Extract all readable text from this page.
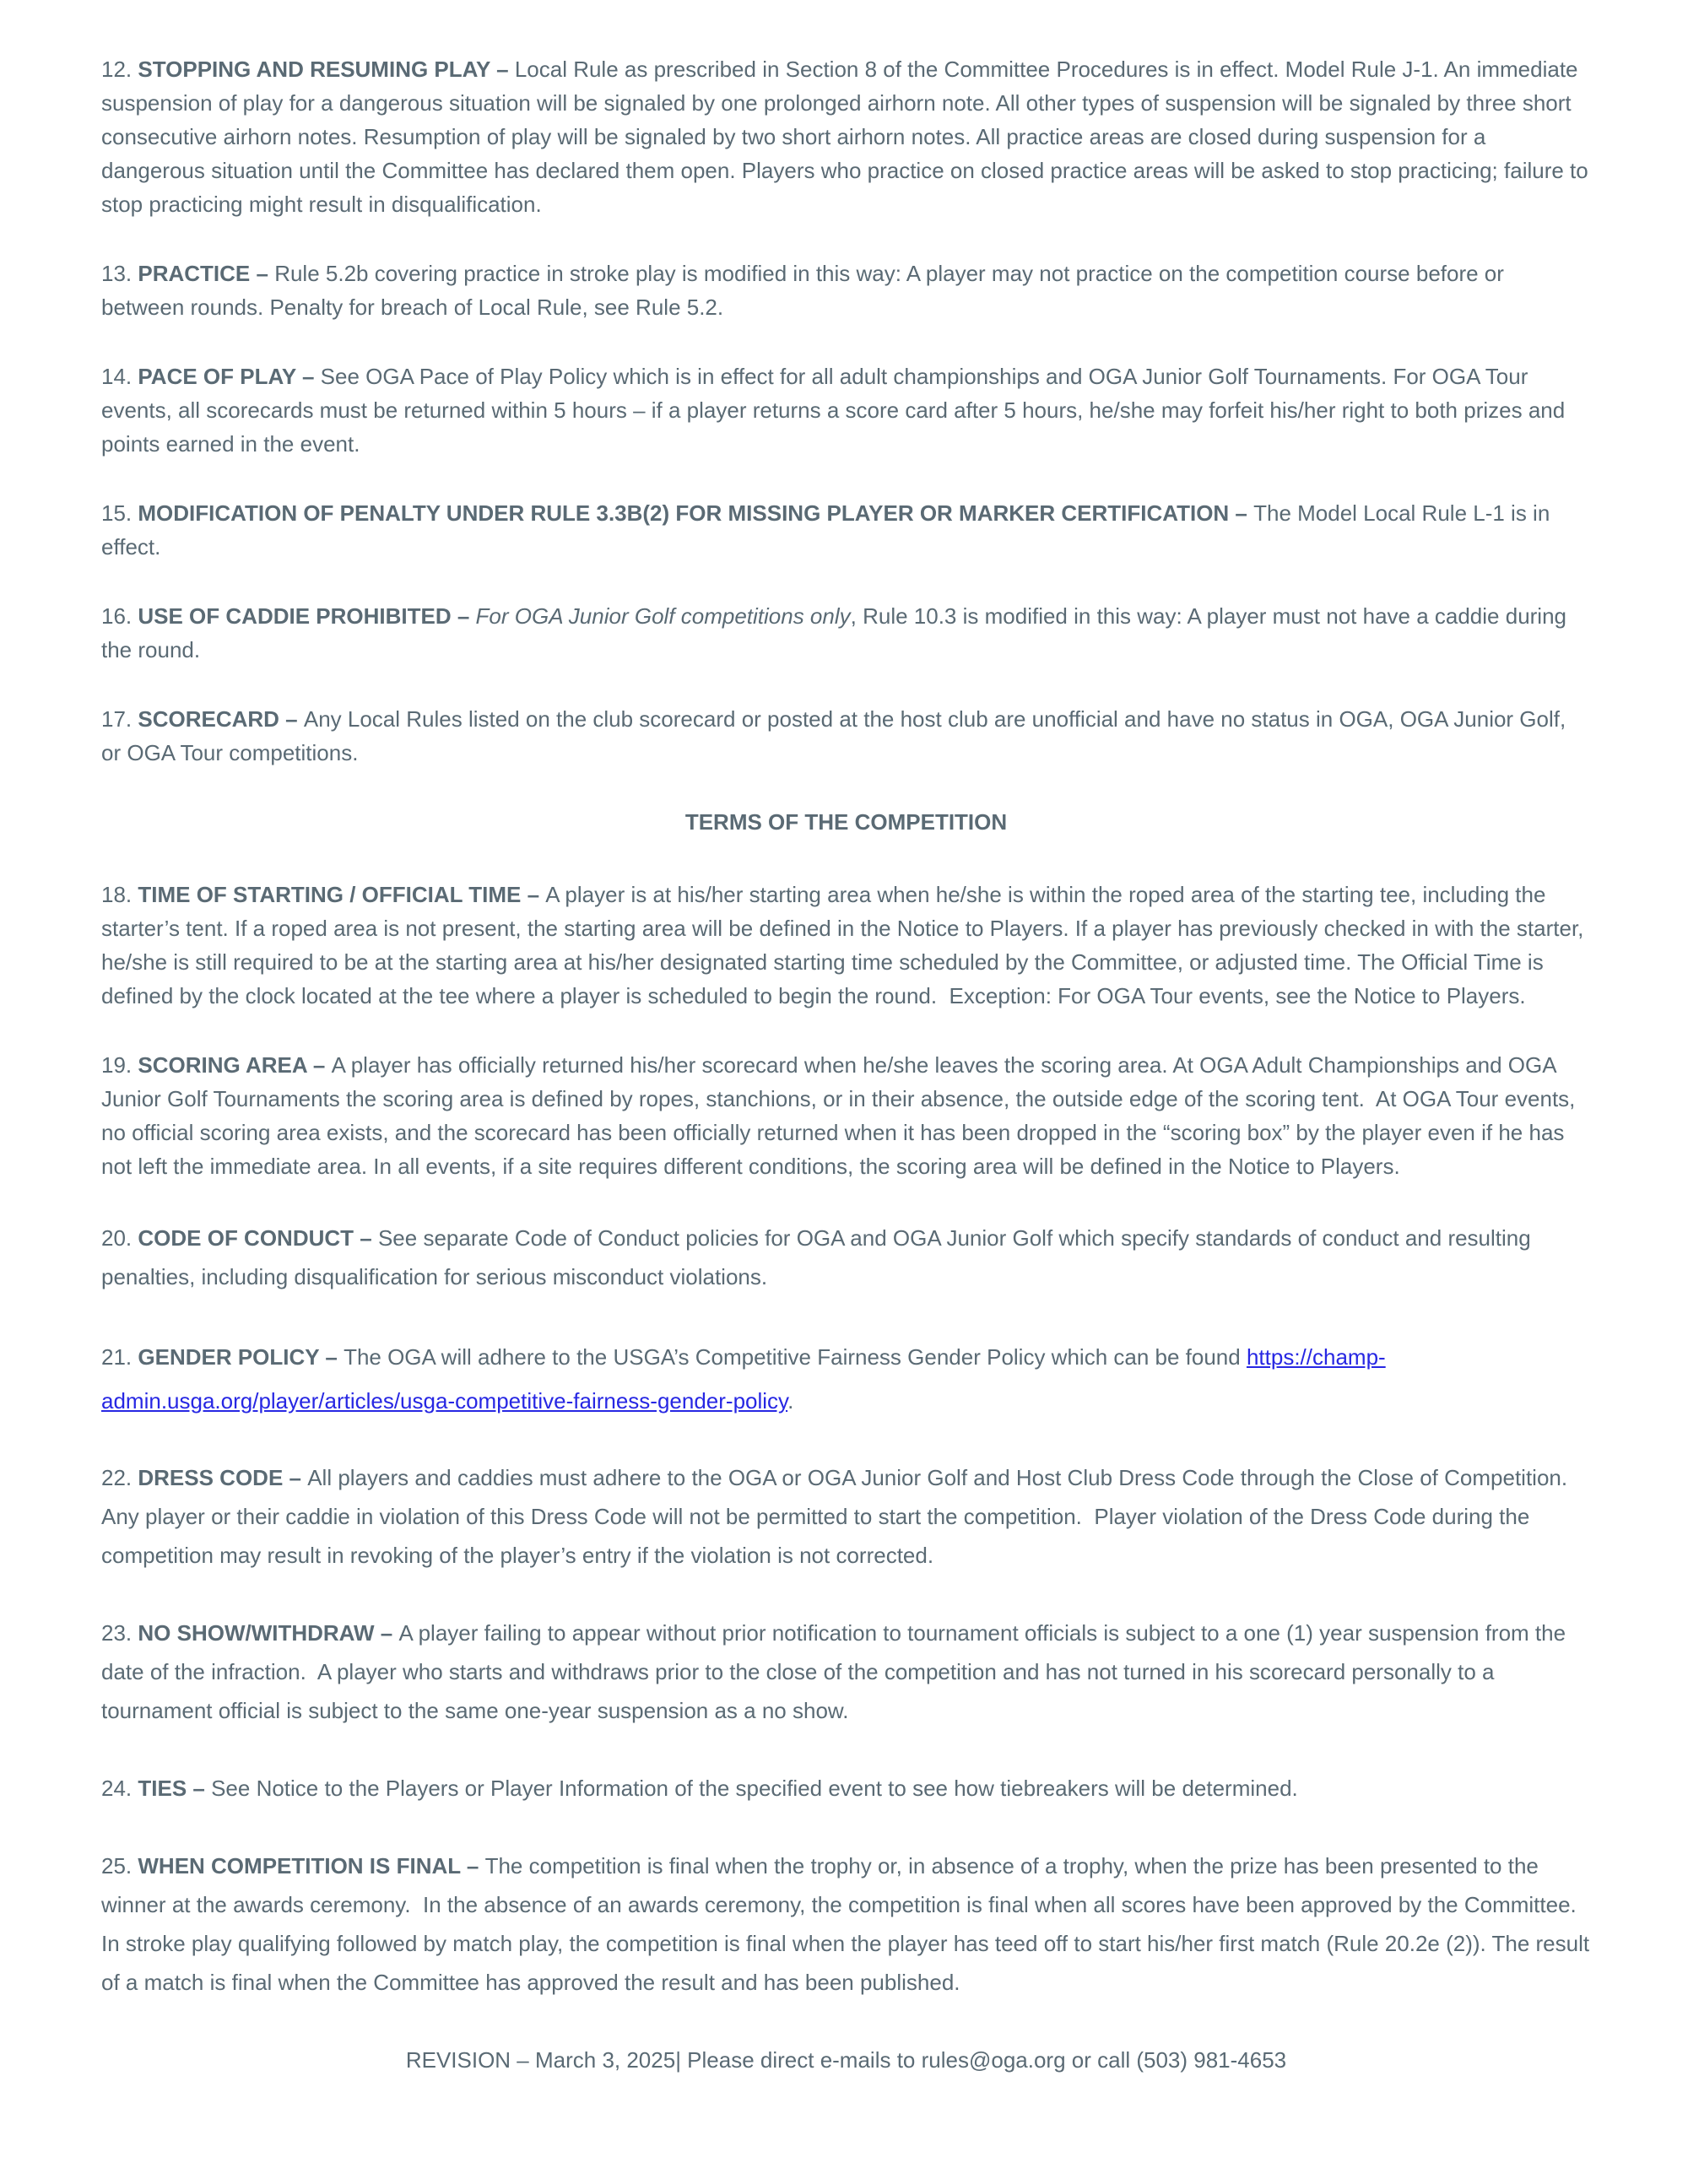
12. STOPPING AND RESUMING PLAY – Local Rule as prescribed in Section 8 of the Committee Procedures is in effect. Model Rule J-1. An immediate suspension of play for a dangerous situation will be signaled by one prolonged airhorn note. All other types of suspension will be signaled by three short consecutive airhorn notes. Resumption of play will be signaled by two short airhorn notes. All practice areas are closed during suspension for a dangerous situation until the Committee has declared them open. Players who practice on closed practice areas will be asked to stop practicing; failure to stop practicing might result in disqualification.

13. PRACTICE – Rule 5.2b covering practice in stroke play is modified in this way: A player may not practice on the competition course before or between rounds. Penalty for breach of Local Rule, see Rule 5.2.

14. PACE OF PLAY – See OGA Pace of Play Policy which is in effect for all adult championships and OGA Junior Golf Tournaments. For OGA Tour events, all scorecards must be returned within 5 hours – if a player returns a score card after 5 hours, he/she may forfeit his/her right to both prizes and points earned in the event.

15. MODIFICATION OF PENALTY UNDER RULE 3.3B(2) FOR MISSING PLAYER OR MARKER CERTIFICATION – The Model Local Rule L-1 is in effect.

16. USE OF CADDIE PROHIBITED – For OGA Junior Golf competitions only, Rule 10.3 is modified in this way: A player must not have a caddie during the round.

17. SCORECARD – Any Local Rules listed on the club scorecard or posted at the host club are unofficial and have no status in OGA, OGA Junior Golf, or OGA Tour competitions.

TERMS OF THE COMPETITION

18. TIME OF STARTING / OFFICIAL TIME – A player is at his/her starting area when he/she is within the roped area of the starting tee, including the starter’s tent. If a roped area is not present, the starting area will be defined in the Notice to Players. If a player has previously checked in with the starter, he/she is still required to be at the starting area at his/her designated starting time scheduled by the Committee, or adjusted time. The Official Time is defined by the clock located at the tee where a player is scheduled to begin the round.  Exception: For OGA Tour events, see the Notice to Players.

19. SCORING AREA – A player has officially returned his/her scorecard when he/she leaves the scoring area. At OGA Adult Championships and OGA Junior Golf Tournaments the scoring area is defined by ropes, stanchions, or in their absence, the outside edge of the scoring tent.  At OGA Tour events, no official scoring area exists, and the scorecard has been officially returned when it has been dropped in the “scoring box” by the player even if he has not left the immediate area. In all events, if a site requires different conditions, the scoring area will be defined in the Notice to Players.

20. CODE OF CONDUCT – See separate Code of Conduct policies for OGA and OGA Junior Golf which specify standards of conduct and resulting penalties, including disqualification for serious misconduct violations.

21. GENDER POLICY – The OGA will adhere to the USGA’s Competitive Fairness Gender Policy which can be found https://champ-
admin.usga.org/player/articles/usga-competitive-fairness-gender-policy.

22. DRESS CODE – All players and caddies must adhere to the OGA or OGA Junior Golf and Host Club Dress Code through the Close of Competition.  Any player or their caddie in violation of this Dress Code will not be permitted to start the competition.  Player violation of the Dress Code during the competition may result in revoking of the player’s entry if the violation is not corrected.

23. NO SHOW/WITHDRAW – A player failing to appear without prior notification to tournament officials is subject to a one (1) year suspension from the date of the infraction.  A player who starts and withdraws prior to the close of the competition and has not turned in his scorecard personally to a tournament official is subject to the same one-year suspension as a no show.

24. TIES – See Notice to the Players or Player Information of the specified event to see how tiebreakers will be determined.

25. WHEN COMPETITION IS FINAL – The competition is final when the trophy or, in absence of a trophy, when the prize has been presented to the winner at the awards ceremony.  In the absence of an awards ceremony, the competition is final when all scores have been approved by the Committee.  In stroke play qualifying followed by match play, the competition is final when the player has teed off to start his/her first match (Rule 20.2e (2)). The result of a match is final when the Committee has approved the result and has been published.

REVISION – March 3, 2025| Please direct e-mails to rules@oga.org or call (503) 981-4653
